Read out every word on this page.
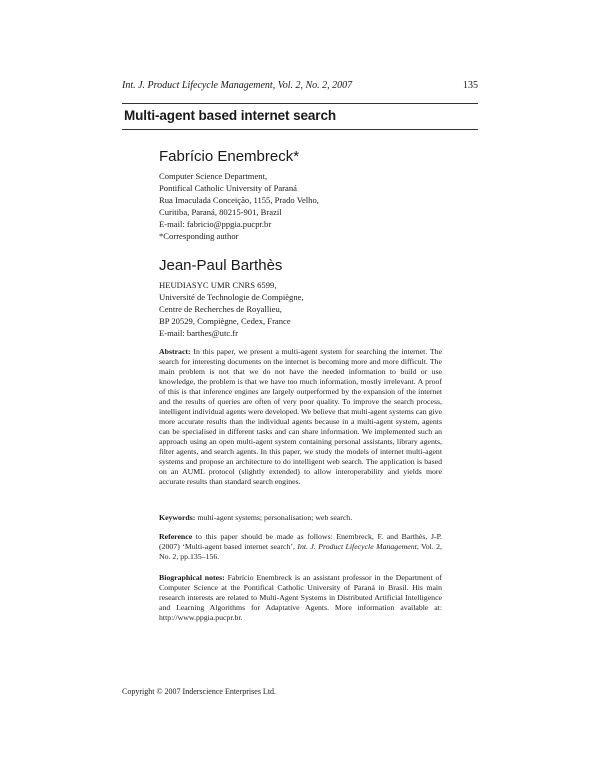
Int. J. Product Lifecycle Management, Vol. 2, No. 2, 2007	135
Multi-agent based internet search
Fabrício Enembreck*
Computer Science Department,
Pontifical Catholic University of Paraná
Rua Imaculada Conceição, 1155, Prado Velho,
Curitiba, Paraná, 80215-901, Brazil
E-mail: fabricio@ppgia.pucpr.br
*Corresponding author
Jean-Paul Barthès
HEUDIASYC UMR CNRS 6599,
Université de Technologie de Compiègne,
Centre de Recherches de Royallieu,
BP 20529, Compiègne, Cedex, France
E-mail: barthes@utc.fr
Abstract: In this paper, we present a multi-agent system for searching the internet. The search for interesting documents on the internet is becoming more and more difficult. The main problem is not that we do not have the needed information to build or use knowledge, the problem is that we have too much information, mostly irrelevant. A proof of this is that inference engines are largely outperformed by the expansion of the internet and the results of queries are often of very poor quality. To improve the search process, intelligent individual agents were developed. We believe that multi-agent systems can give more accurate results than the individual agents because in a multi-agent system, agents can be specialised in different tasks and can share information. We implemented such an approach using an open multi-agent system containing personal assistants, library agents, filter agents, and search agents. In this paper, we study the models of internet multi-agent systems and propose an architecture to do intelligent web search. The application is based on an AUML protocol (slightly extended) to allow interoperability and yields more accurate results than standard search engines.
Keywords: multi-agent systems; personalisation; web search.
Reference to this paper should be made as follows: Enembreck, F. and Barthès, J-P. (2007) ‘Multi-agent based internet search’, Int. J. Product Lifecycle Management, Vol. 2, No. 2, pp.135–156.
Biographical notes: Fabrício Enembreck is an assistant professor in the Department of Computer Science at the Pontifical Catholic University of Paraná in Brasil. His main research interests are related to Multi-Agent Systems in Distributed Artificial Intelligence and Learning Algorithms for Adaptative Agents. More information available at: http://www.ppgia.pucpr.br.
Copyright © 2007 Inderscience Enterprises Ltd.
